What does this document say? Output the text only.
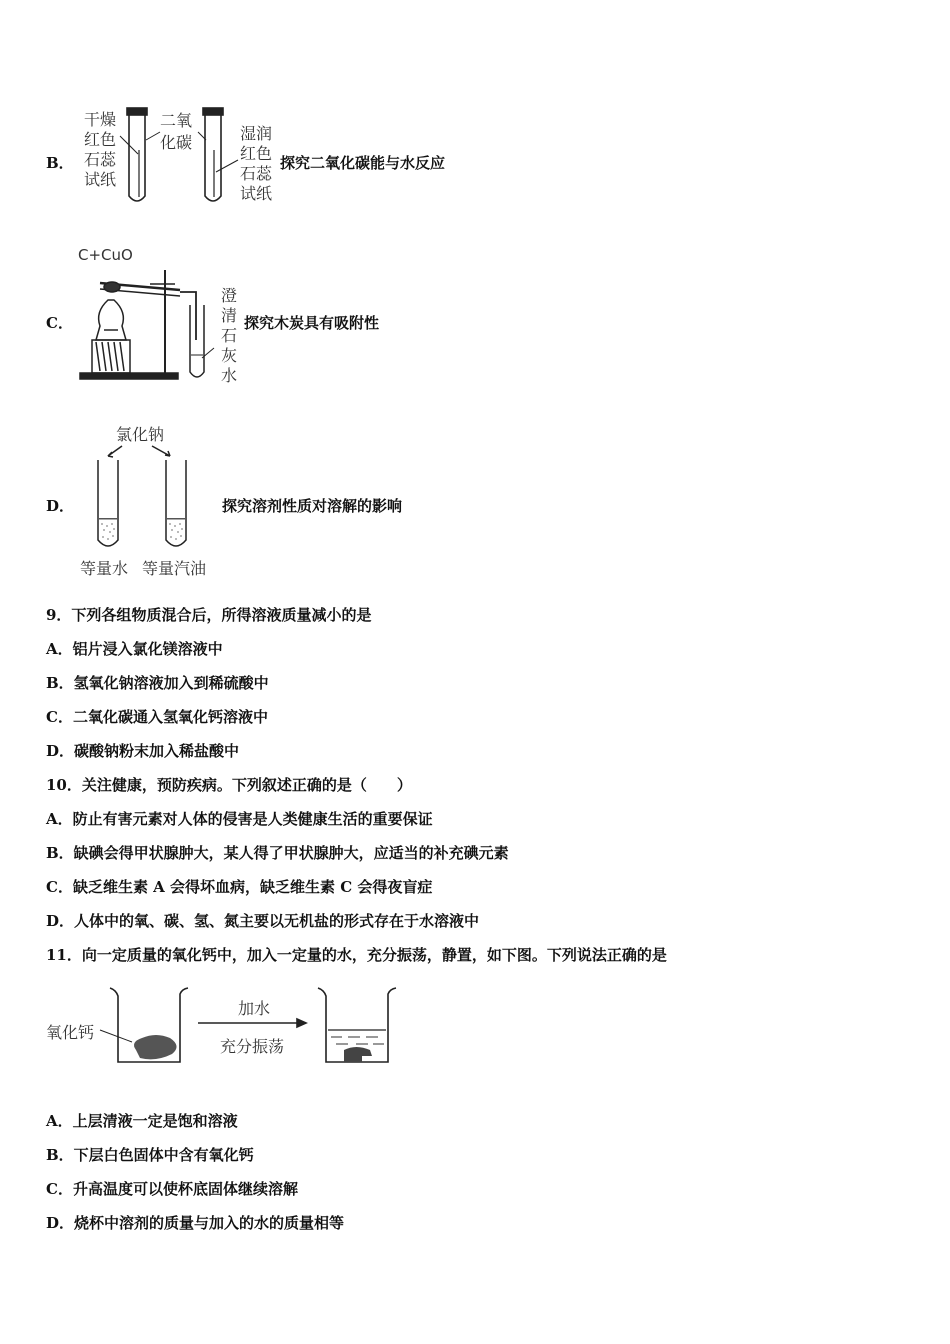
B．
干燥
红色
石蕊
试纸
二氧
化碳	湿润
红色
石蕊
试纸
探究二氧化碳能与水反应
C．
C+CuO
澄
清
石
灰
水
探究木炭具有吸附性
D．
氯化钠
等量水 等量汽油
探究溶剂性质对溶解的影响
9．下列各组物质混合后，所得溶液质量减小的是
A．铝片浸入氯化镁溶液中
B．氢氧化钠溶液加入到稀硫酸中
C．二氧化碳通入氢氧化钙溶液中
D．碳酸钠粉末加入稀盐酸中
10．关注健康，预防疾病。下列叙述正确的是（　　）
A．防止有害元素对人体的侵害是人类健康生活的重要保证
B．缺碘会得甲状腺肿大，某人得了甲状腺肿大，应适当的补充碘元素
C．缺乏维生素 A 会得坏血病，缺乏维生素 C 会得夜盲症
D．人体中的氧、碳、氢、氮主要以无机盐的形式存在于水溶液中
11．向一定质量的氧化钙中，加入一定量的水，充分振荡，静置，如下图。下列说法正确的是
氧化钙
加水
充分振荡
A．上层清液一定是饱和溶液
B．下层白色固体中含有氧化钙
C．升高温度可以使杯底固体继续溶解
D．烧杯中溶剂的质量与加入的水的质量相等
